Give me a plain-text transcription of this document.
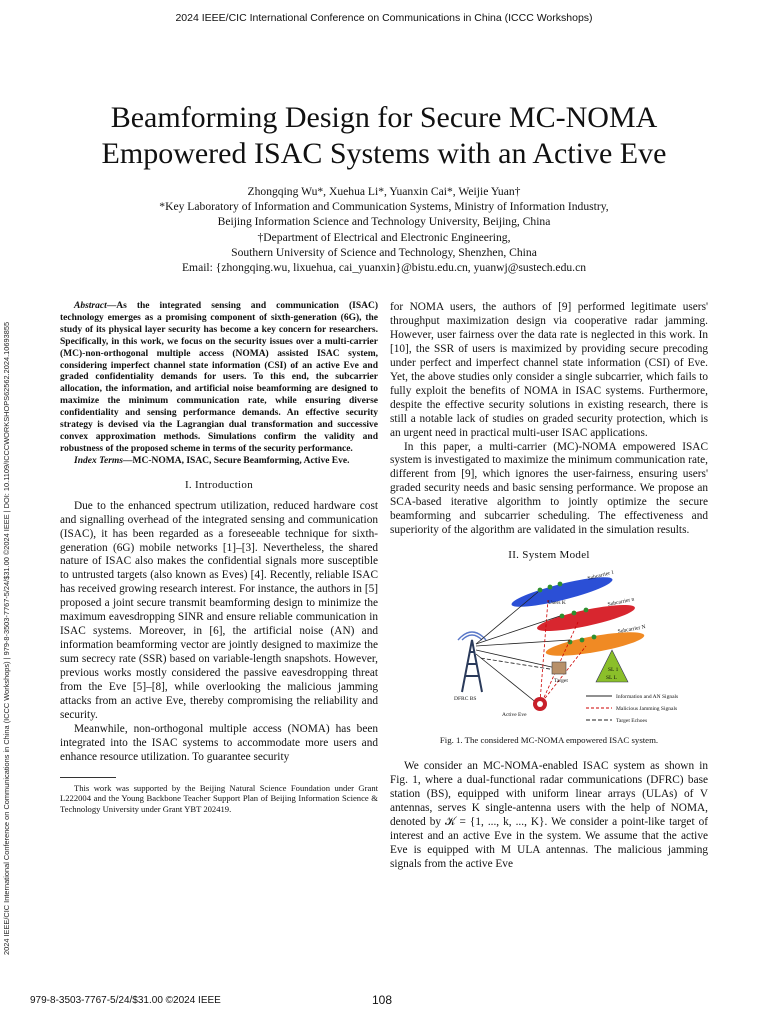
2024 IEEE/CIC International Conference on Communications in China (ICCC Workshops)
2024 IEEE/CIC International Conference on Communications in China (ICCC Workshops) | 979-8-3503-7767-5/24/$31.00 ©2024 IEEE | DOI: 10.1109/ICCCWORKSHOPS62562.2024.10693855
Beamforming Design for Secure MC-NOMA
Empowered ISAC Systems with an Active Eve
Zhongqing Wu*, Xuehua Li*, Yuanxin Cai*, Weijie Yuan†
*Key Laboratory of Information and Communication Systems, Ministry of Information Industry,
Beijing Information Science and Technology University, Beijing, China
†Department of Electrical and Electronic Engineering,
Southern University of Science and Technology, Shenzhen, China
Email: {zhongqing.wu, lixuehua, cai_yuanxin}@bistu.edu.cn, yuanwj@sustech.edu.cn

Abstract—As the integrated sensing and communication (ISAC) technology emerges as a promising component of sixth-generation (6G), the study of its physical layer security has become a key concern for researchers. Specifically, in this work, we focus on the security issues over a multi-carrier (MC)-non-orthogonal multiple access (NOMA) assisted ISAC system, considering imperfect channel state information (CSI) of an active Eve and graded confidentiality demands for users. To this end, the subcarrier allocation, the information, and artificial noise beamforming are designed to maximize the minimum communication rate, while ensuring diverse confidentiality and sensing performance demands. An effective security strategy is devised via the Lagrangian dual transformation and successive convex approximation methods. Simulations confirm the validity and robustness of the proposed scheme in terms of the security performance.

Index Terms—MC-NOMA, ISAC, Secure Beamforming, Active Eve.

I. Introduction

Due to the enhanced spectrum utilization, reduced hardware cost and signalling overhead of the integrated sensing and communication (ISAC), it has been regarded as a foreseeable technique for sixth-generation (6G) mobile networks [1]–[3]. Nevertheless, the shared nature of ISAC also makes the confidential signals more susceptible to untrusted targets (also known as Eves) [4]. Recently, reliable ISAC has received growing research interest. For instance, the authors in [5] proposed a joint secure transmit beamforming design to minimize the maximum eavesdropping SINR and ensure reliable communication in ISAC systems. Moreover, in [6], the artificial noise (AN) and information beamforming vector are jointly designed to maximize the sum secrecy rate (SSR) based on variable-length snapshots. However, previous works mostly considered the passive eavesdropping threat from the Eve [5]–[8], while overlooking the malicious jamming attacks from an active Eve, thereby compromising the reliability and security.

Meanwhile, non-orthogonal multiple access (NOMA) has been integrated into the ISAC systems to accommodate more users and enhance resource utilization. To guarantee security

This work was supported by the Beijing Natural Science Foundation under Grant L222004 and the Young Backbone Teacher Support Plan of Beijing Information Science & Technology University under Grant YBT 202419.

for NOMA users, the authors of [9] performed legitimate users' throughput maximization design via cooperative radar jamming. However, user fairness over the data rate is neglected in this work. In [10], the SSR of users is maximized by providing secure precoding under perfect and imperfect channel state information (CSI) of Eve. Yet, the above studies only consider a single subcarrier, which fails to fully exploit the benefits of NOMA in ISAC systems. Furthermore, despite the effective security solutions in existing research, there is still a notable lack of studies on graded security protection, which is an urgent need in practical multi-user ISAC applications.

In this paper, a multi-carrier (MC)-NOMA empowered ISAC system is investigated to maximize the minimum communication rate, different from [9], which ignores the user-fairness, ensuring users' graded security needs and basic sensing performance. We propose an SCA-based iterative algorithm to jointly optimize the secure beamforming and subcarrier scheduling. The effectiveness and superiority of the algorithm are validated in the simulation results.

II. System Model
Subcarrier 1
Subcarrier n
Subcarrier N
Users K
SL 1
SL L
Target
DFRC BS
Active Eve
Information and AN Signals
Malicious Jamming Signals
Target Echoes
Fig. 1. The considered MC-NOMA empowered ISAC system.

We consider an MC-NOMA-enabled ISAC system as shown in Fig. 1, where a dual-functional radar communications (DFRC) base station (BS), equipped with uniform linear arrays (ULAs) of V antennas, serves K single-antenna users with the help of NOMA, denoted by 𝒦 = {1, ..., k, ..., K}. We consider a point-like target of interest and an active Eve in the system. We assume that the active Eve is equipped with M ULA antennas. The malicious jamming signals from the active Eve

979-8-3503-7767-5/24/$31.00 ©2024 IEEE	108
